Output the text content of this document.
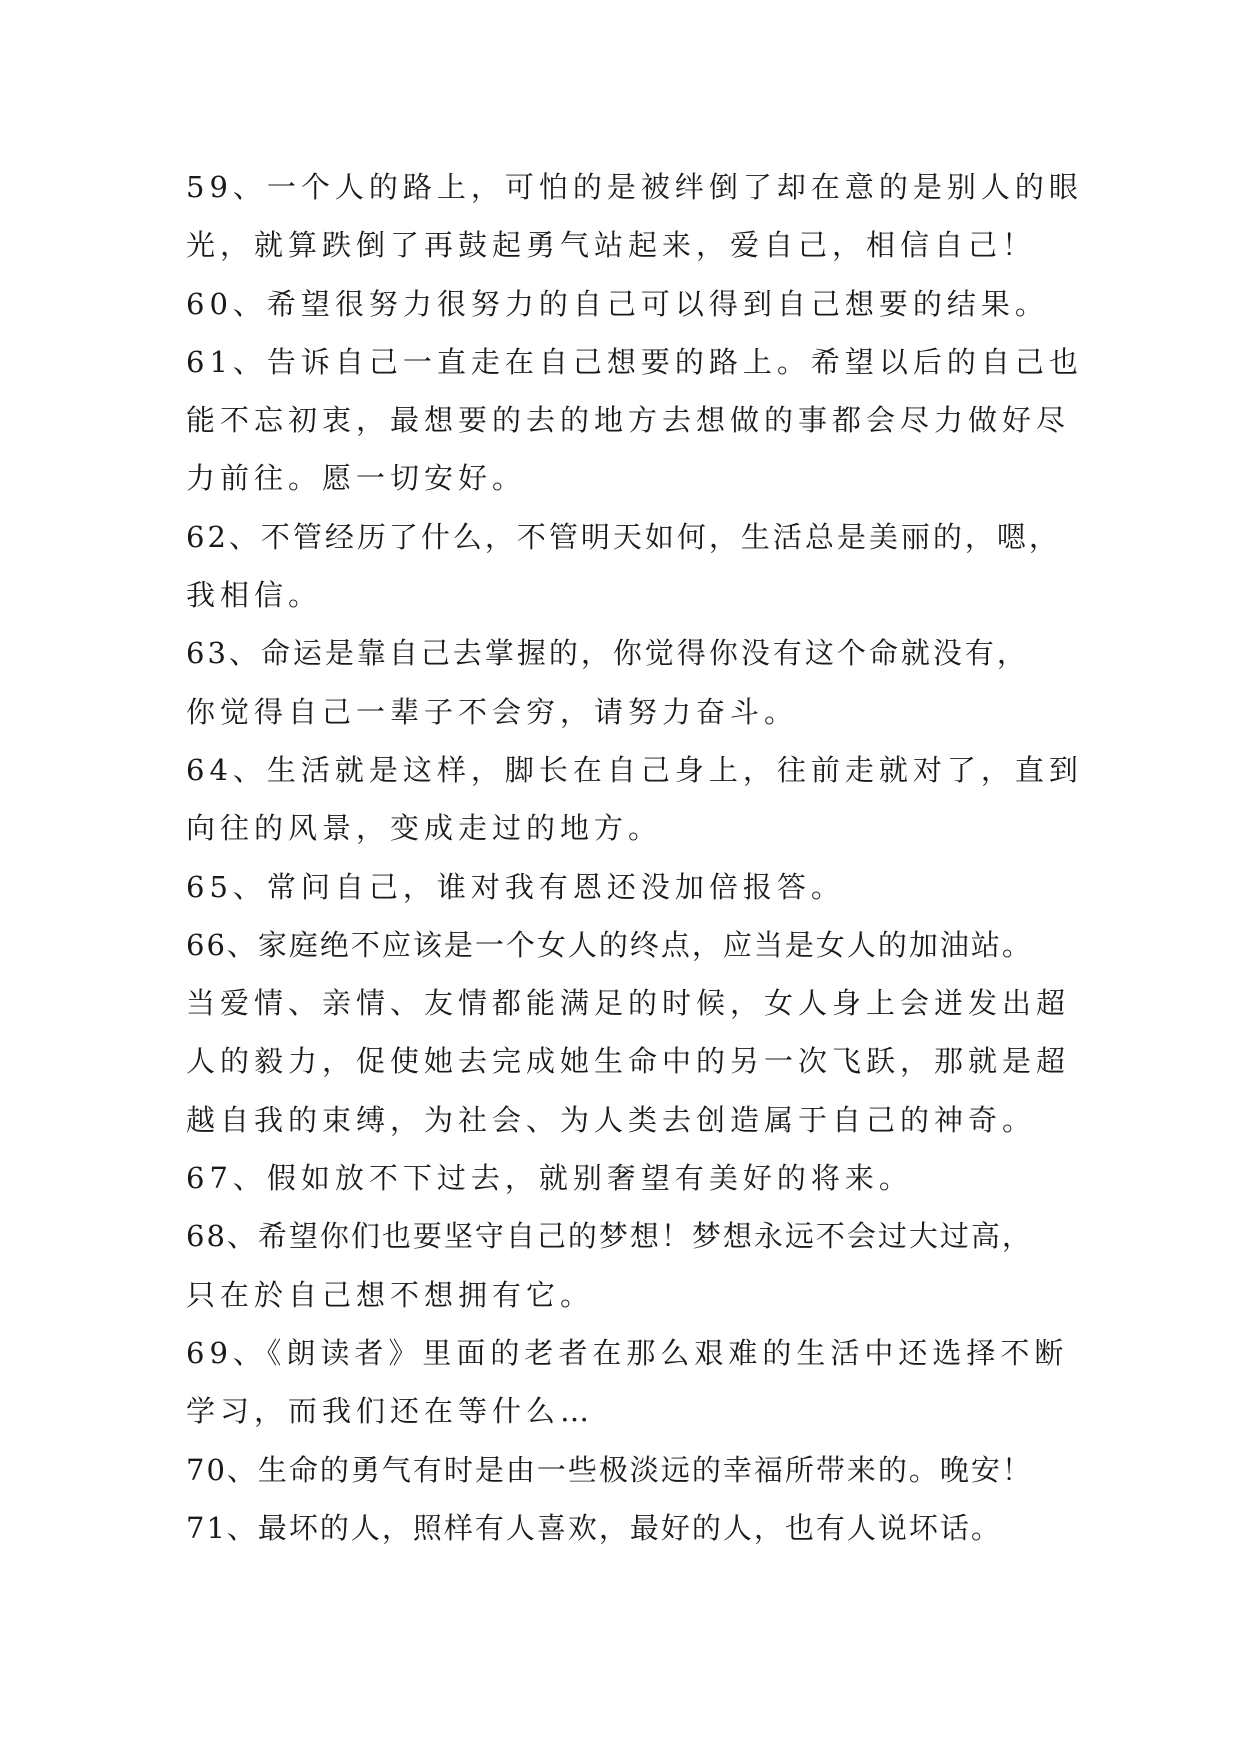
59、一个人的路上，可怕的是被绊倒了却在意的是别人的眼
光，就算跌倒了再鼓起勇气站起来，爱自己，相信自己！
60、希望很努力很努力的自己可以得到自己想要的结果。
61、告诉自己一直走在自己想要的路上。希望以后的自己也
能不忘初衷，最想要的去的地方去想做的事都会尽力做好尽
力前往。愿一切安好。
62、不管经历了什么，不管明天如何，生活总是美丽的，嗯，
我相信。
63、命运是靠自己去掌握的，你觉得你没有这个命就没有，
你觉得自己一辈子不会穷，请努力奋斗。
64、生活就是这样，脚长在自己身上，往前走就对了，直到
向往的风景，变成走过的地方。
65、常问自己，谁对我有恩还没加倍报答。
66、家庭绝不应该是一个女人的终点，应当是女人的加油站。
当爱情、亲情、友情都能满足的时候，女人身上会迸发出超
人的毅力，促使她去完成她生命中的另一次飞跃，那就是超
越自我的束缚，为社会、为人类去创造属于自己的神奇。
67、假如放不下过去，就别奢望有美好的将来。
68、希望你们也要坚守自己的梦想！梦想永远不会过大过高，
只在於自己想不想拥有它。
69、《朗读者》里面的老者在那么艰难的生活中还选择不断
学习，而我们还在等什么…
70、生命的勇气有时是由一些极淡远的幸福所带来的。晚安！
71、最坏的人，照样有人喜欢，最好的人，也有人说坏话。
